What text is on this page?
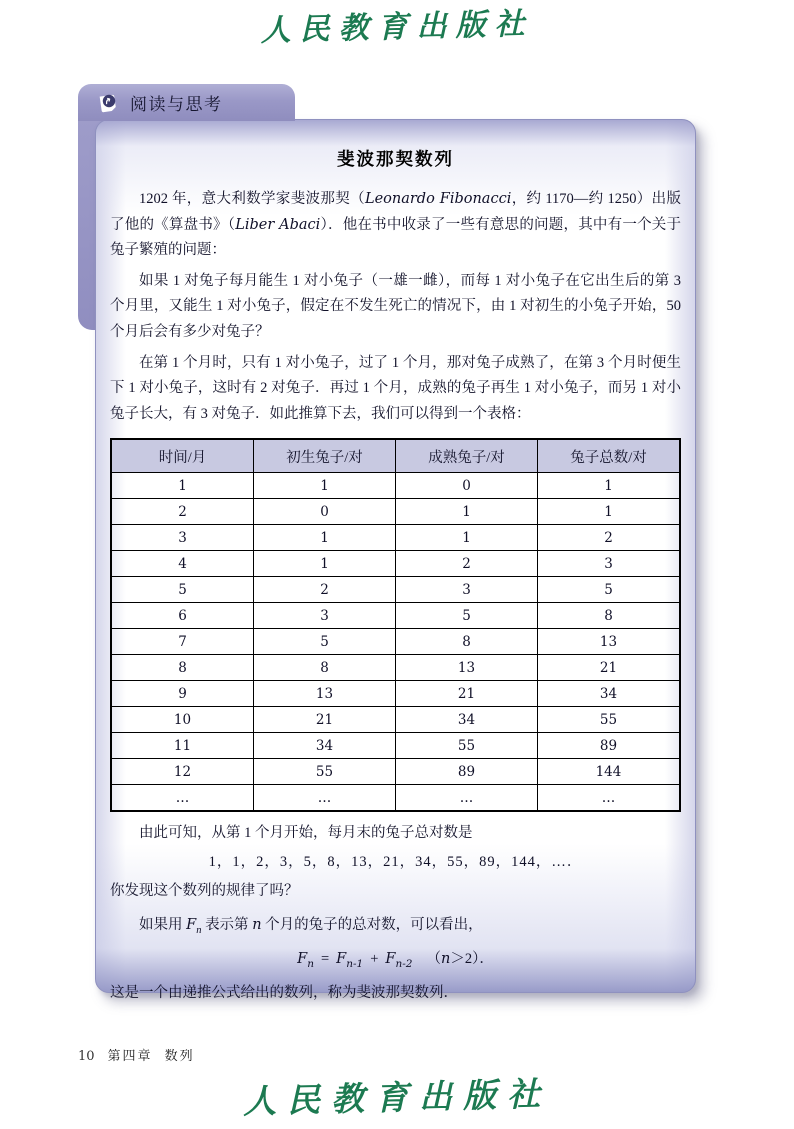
人民教育出版社
阅读与思考
斐波那契数列

1202 年，意大利数学家斐波那契（Leonardo Fibonacci，约 1170—约 1250）出版了他的《算盘书》（Liber Abaci）．他在书中收录了一些有意思的问题，其中有一个关于兔子繁殖的问题：

如果 1 对兔子每月能生 1 对小兔子（一雄一雌），而每 1 对小兔子在它出生后的第 3 个月里，又能生 1 对小兔子，假定在不发生死亡的情况下，由 1 对初生的小兔子开始，50 个月后会有多少对兔子？

在第 1 个月时，只有 1 对小兔子，过了 1 个月，那对兔子成熟了，在第 3 个月时便生下 1 对小兔子，这时有 2 对兔子．再过 1 个月，成熟的兔子再生 1 对小兔子，而另 1 对小兔子长大，有 3 对兔子．如此推算下去，我们可以得到一个表格：

时间/月	初生兔子/对	成熟兔子/对	兔子总数/对
1	1	0	1
2	0	1	1
3	1	1	2
4	1	2	3
5	2	3	5
6	3	5	8
7	5	8	13
8	8	13	21
9	13	21	34
10	21	34	55
11	34	55	89
12	55	89	144
…	…	…	…

由此可知，从第 1 个月开始，每月末的兔子总对数是

1，1，2，3，5，8，13，21，34，55，89，144，…．

你发现这个数列的规律了吗？

如果用 $F_n$ 表示第 n 个月的兔子的总对数，可以看出，

$F_n = F_{n-1} + F_{n-2}$ （n＞2）．

这是一个由递推公式给出的数列，称为斐波那契数列．

10 第四章 数列
人民教育出版社
